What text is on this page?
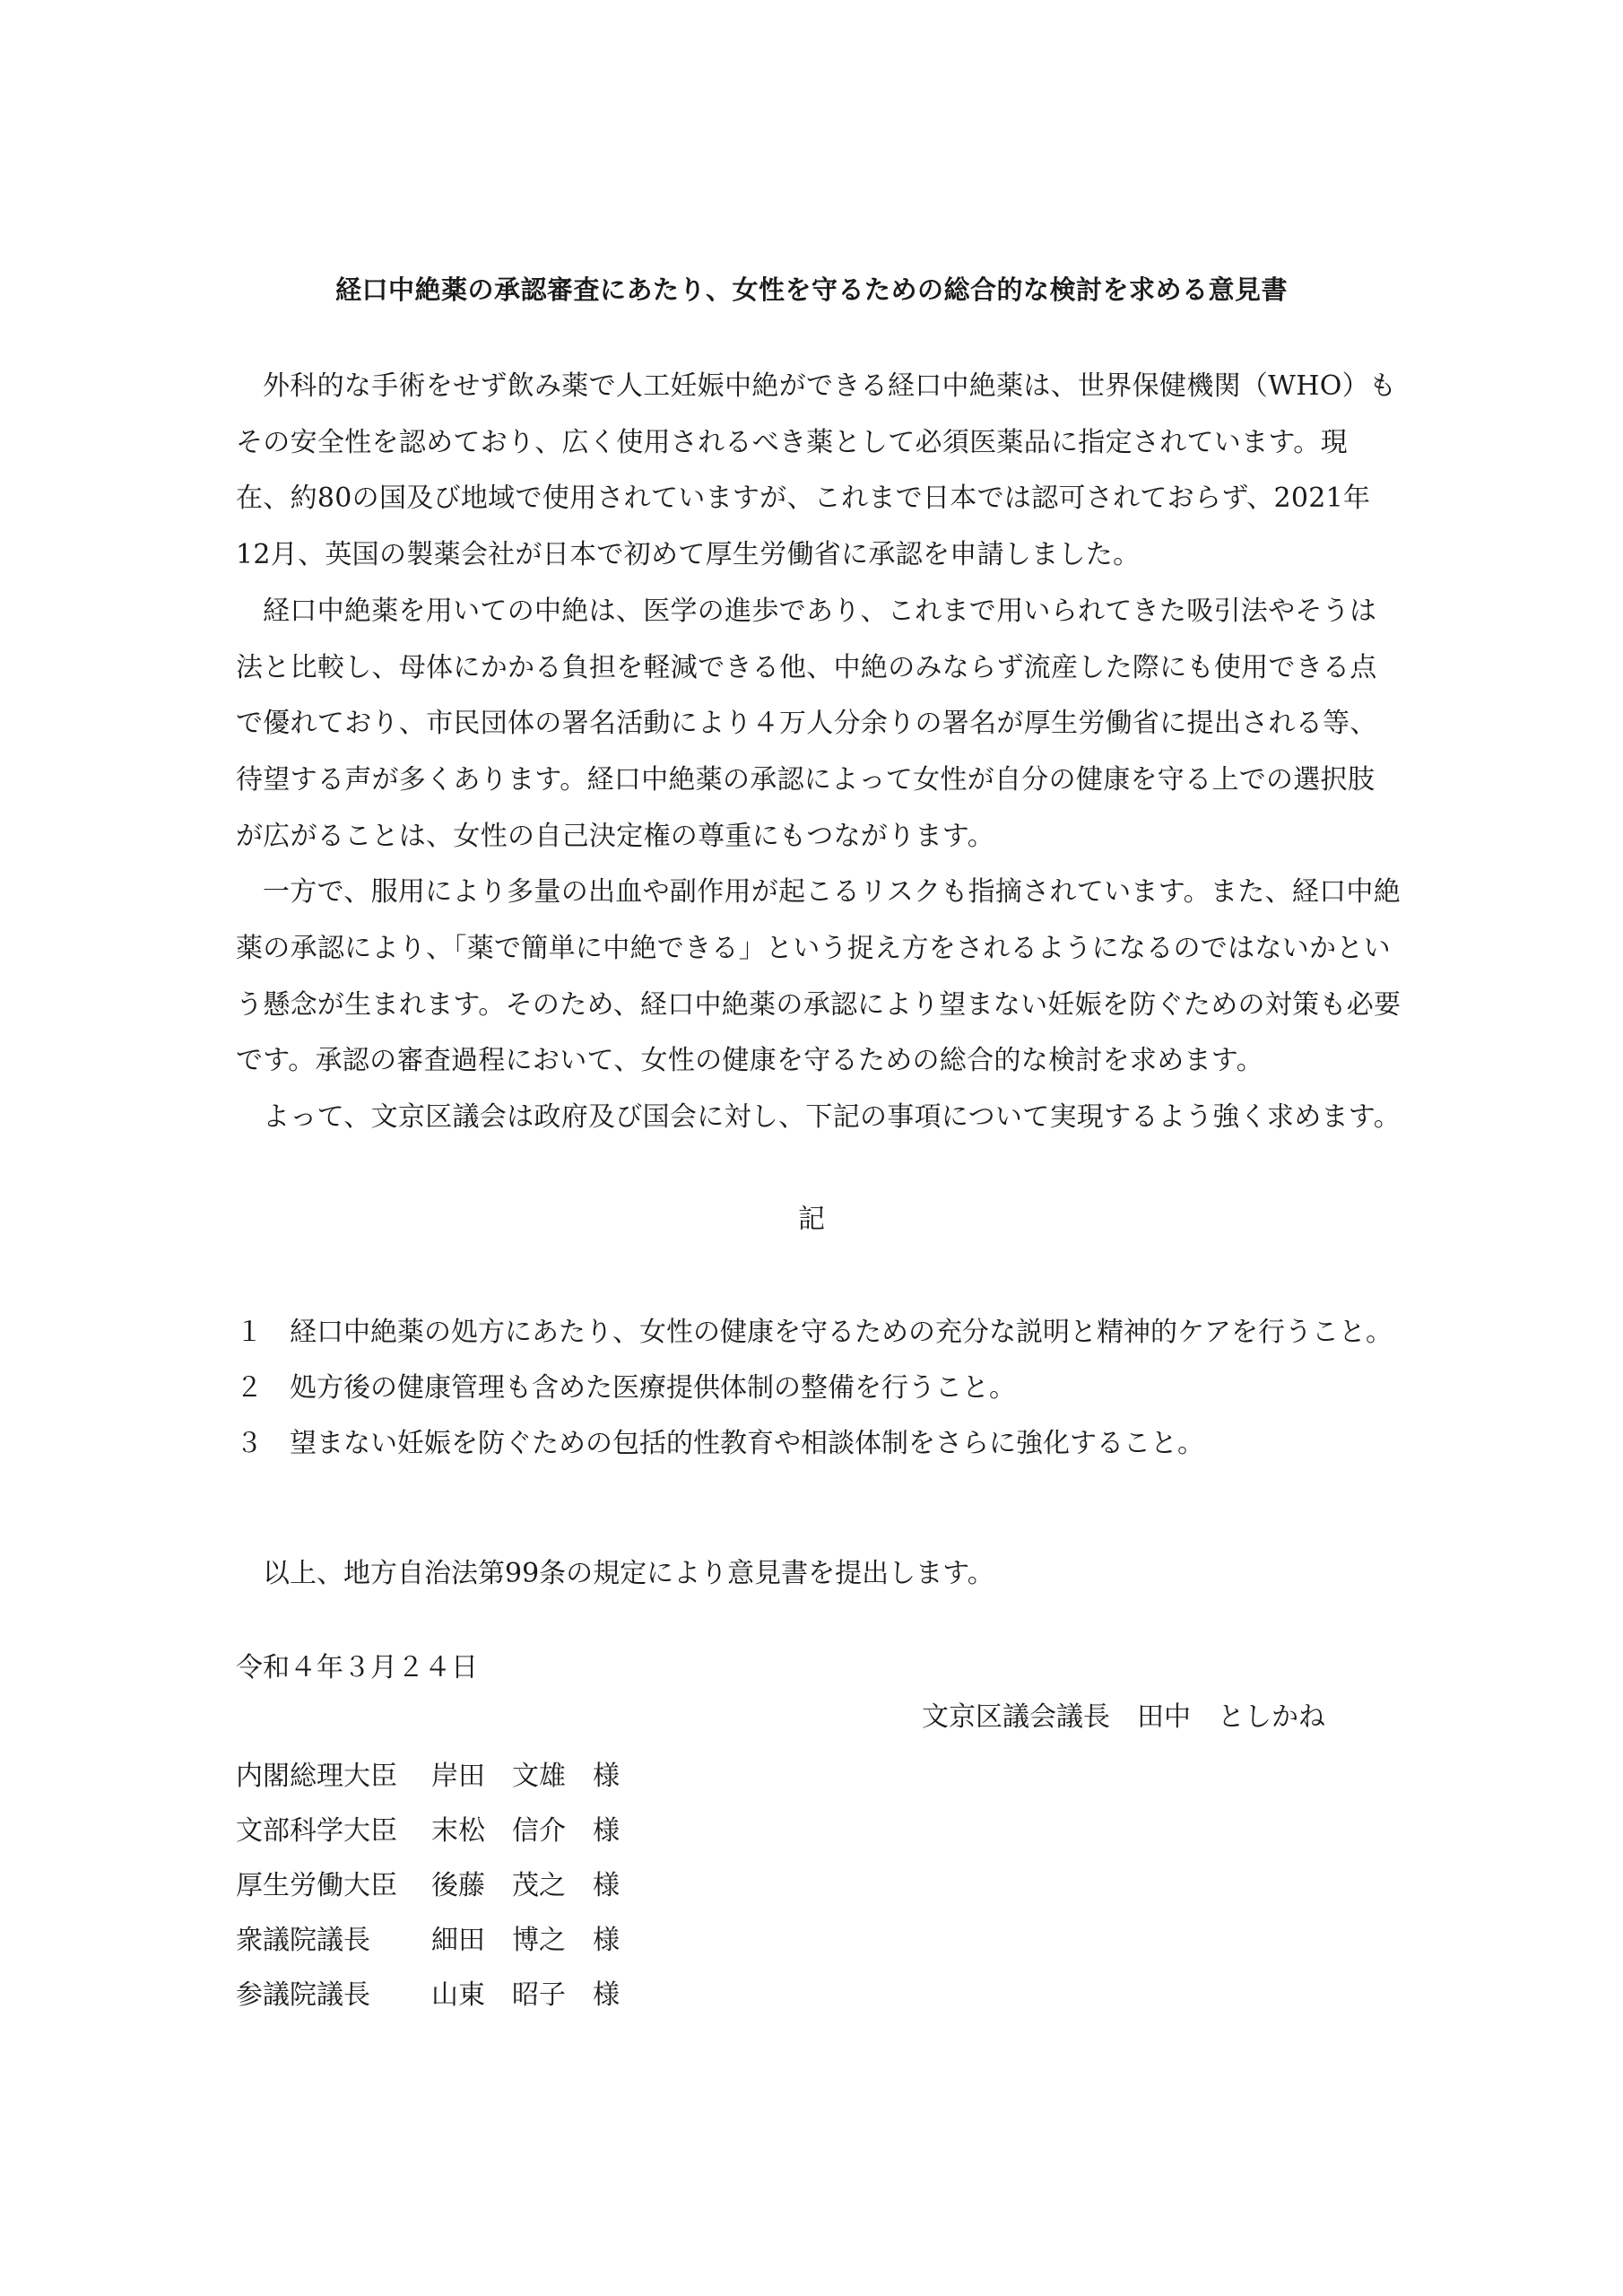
経口中絶薬の承認審査にあたり、女性を守るための総合的な検討を求める意見書

外科的な手術をせず飲み薬で人工妊娠中絶ができる経口中絶薬は、世界保健機関（WHO）もその安全性を認めており、広く使用されるべき薬として必須医薬品に指定されています。現在、約80の国及び地域で使用されていますが、これまで日本では認可されておらず、2021年12月、英国の製薬会社が日本で初めて厚生労働省に承認を申請しました。

経口中絶薬を用いての中絶は、医学の進歩であり、これまで用いられてきた吸引法やそうは法と比較し、母体にかかる負担を軽減できる他、中絶のみならず流産した際にも使用できる点で優れており、市民団体の署名活動により４万人分余りの署名が厚生労働省に提出される等、待望する声が多くあります。経口中絶薬の承認によって女性が自分の健康を守る上での選択肢が広がることは、女性の自己決定権の尊重にもつながります。

一方で、服用により多量の出血や副作用が起こるリスクも指摘されています。また、経口中絶薬の承認により、「薬で簡単に中絶できる」という捉え方をされるようになるのではないかという懸念が生まれます。そのため、経口中絶薬の承認により望まない妊娠を防ぐための対策も必要です。承認の審査過程において、女性の健康を守るための総合的な検討を求めます。

よって、文京区議会は政府及び国会に対し、下記の事項について実現するよう強く求めます。

記
１	経口中絶薬の処方にあたり、女性の健康を守るための充分な説明と精神的ケアを行うこと。
２	処方後の健康管理も含めた医療提供体制の整備を行うこと。
３	望まない妊娠を防ぐための包括的性教育や相談体制をさらに強化すること。
以上、地方自治法第99条の規定により意見書を提出します。
令和４年３月２４日
文京区議会議長　田中　としかね
内閣総理大臣	岸田　文雄　様
文部科学大臣	末松　信介　様
厚生労働大臣	後藤　茂之　様
衆議院議長	細田　博之　様
参議院議長	山東　昭子　様
